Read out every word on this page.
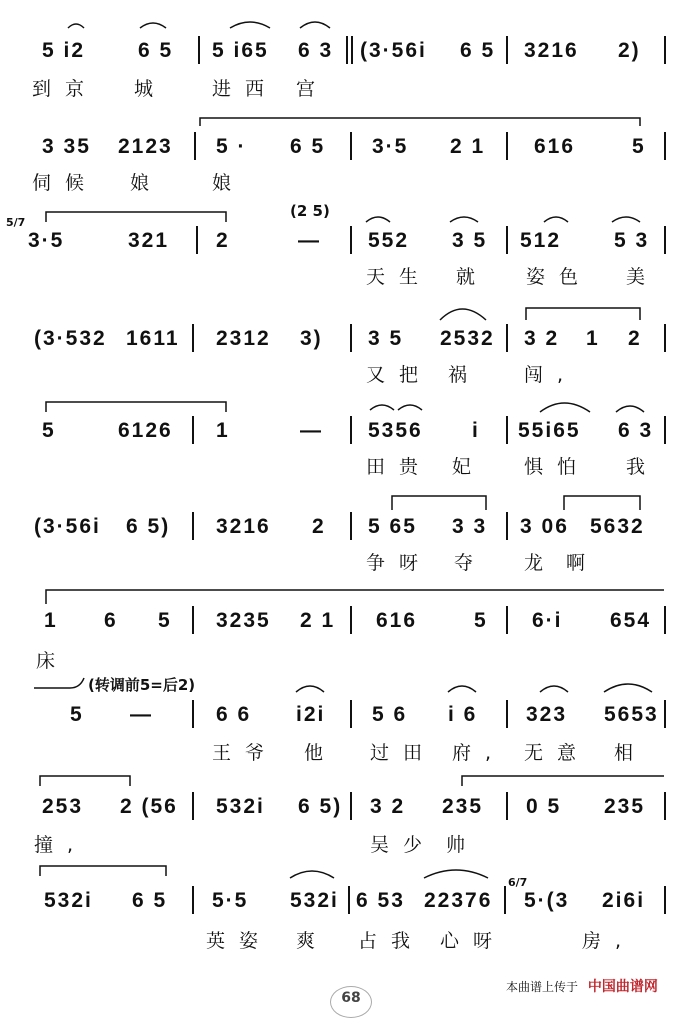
5 i2	6 5 5 i65 6 3 (3·56i 6 5 3216 2)
到京 城 进西 宫
3 35 2123 5 · 6 5 3·5 2 1 616	5
伺候 娘	娘
5/7
(2 5)
3·5	321 2	— 552 3 5 512	5 3
天生 就 姿色 美
(3·532 1611 2312 3) 3 5 2532 3 2 1 2
又把 祸 闯,
5	6126 1	— 5356 i 55i65 6 3
田贵 妃 惧怕 我
(3·56i 6 5) 3216 2 5 65 3 3 3 06 5632
争呀 夺 龙 啊
1 6 5 3235 2 1 616	5 6·i 654
床
(转调前5=后2)
5 —	6 6 i2i 5 6 i 6 323 5653
王爷 他 过田 府, 无意 相
253 2 (56 532i 6 5) 3 2 235 0 5 235
撞,	吴少 帅
6/7
532i 6 5 5·5 532i 6 53 22376 5·(3 2i6i
英姿 爽 占我 心呀	房,
本曲谱上传于 中国曲谱网
68
